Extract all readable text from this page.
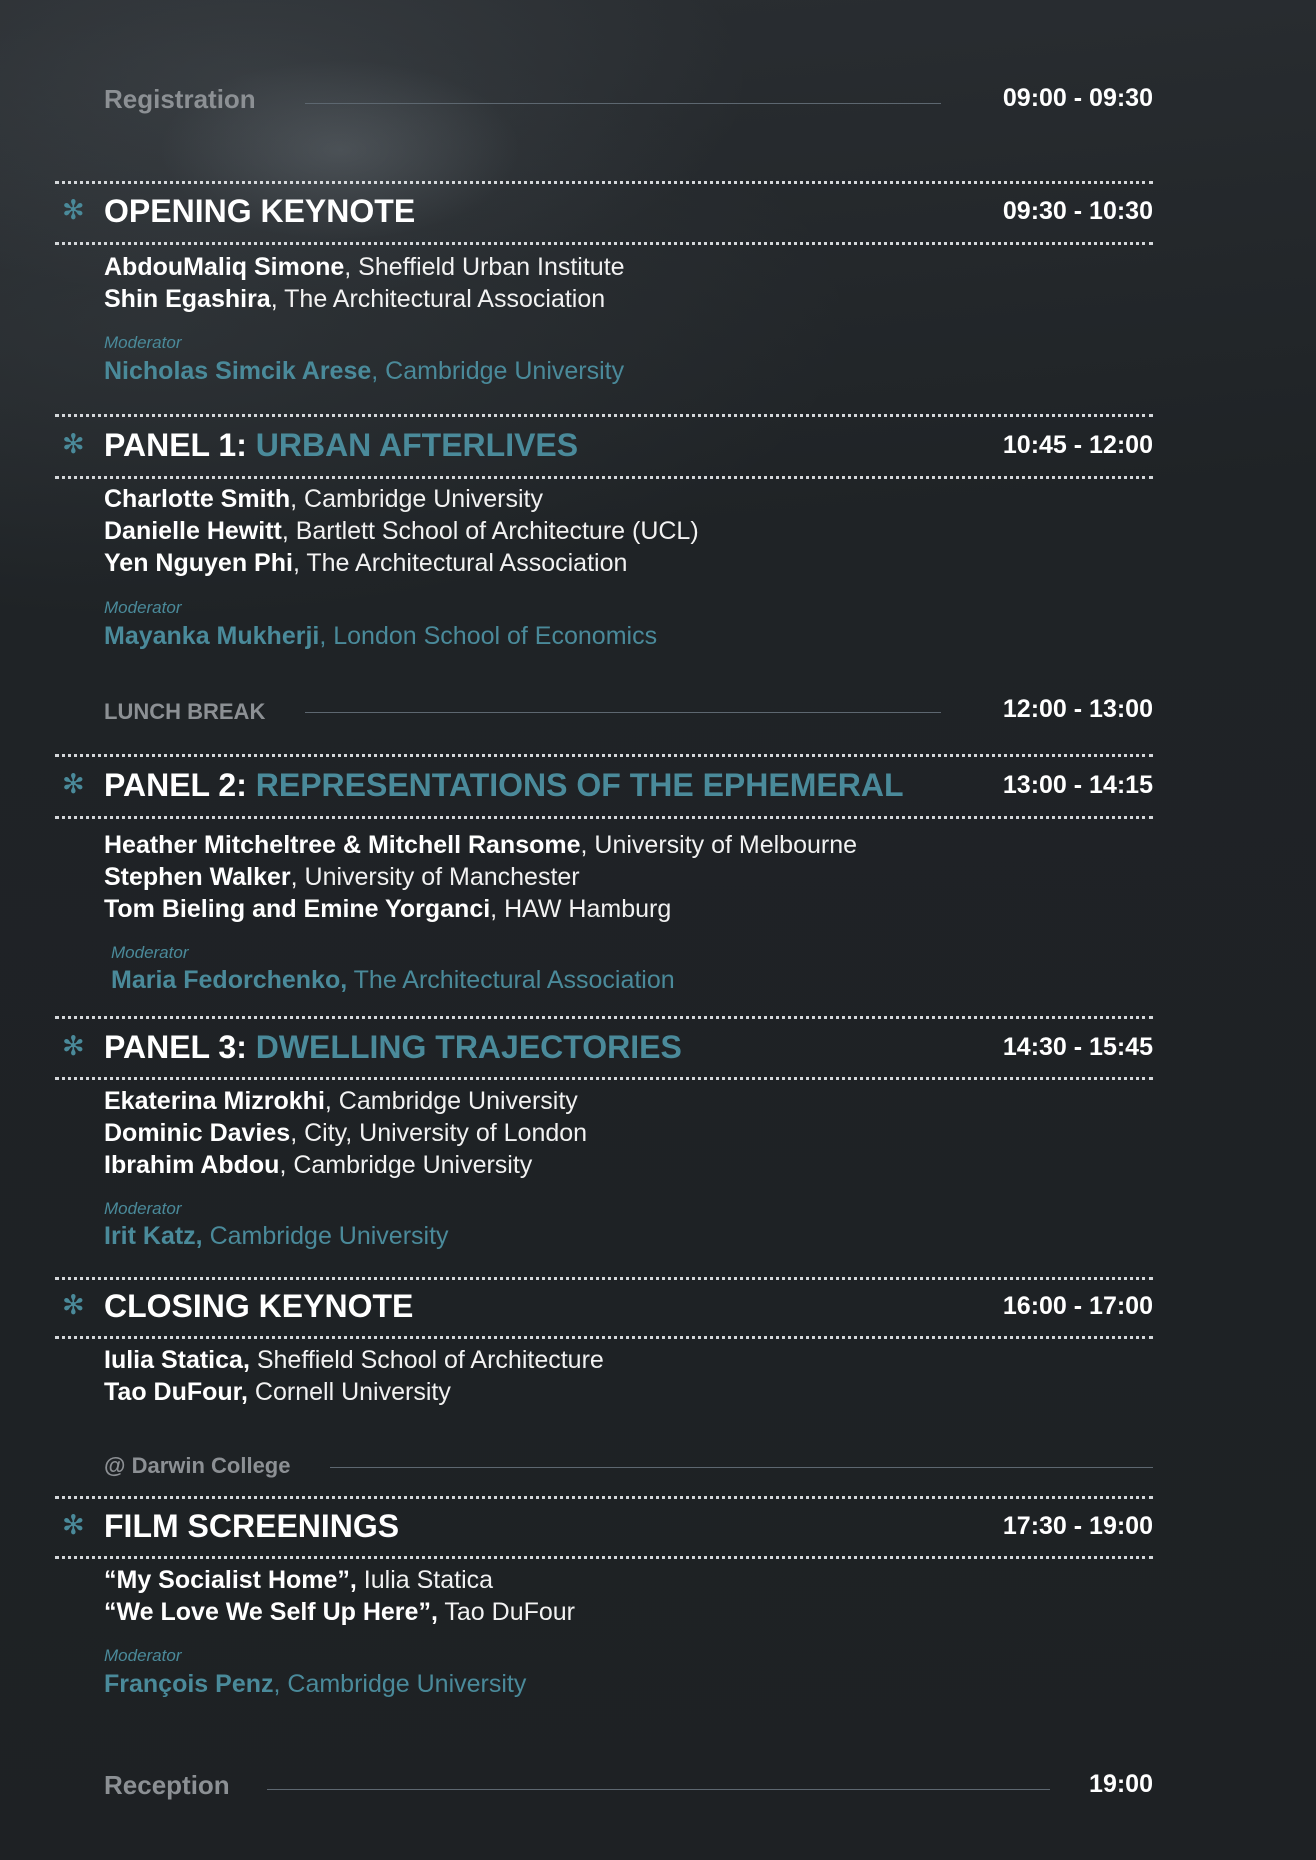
Registration	09:00 - 09:30
✻ OPENING KEYNOTE	09:30 - 10:30
AbdouMaliq Simone, Sheffield Urban Institute
Shin Egashira, The Architectural Association
Moderator
Nicholas Simcik Arese, Cambridge University
✻ PANEL 1: URBAN AFTERLIVES	10:45 - 12:00
Charlotte Smith, Cambridge University
Danielle Hewitt, Bartlett School of Architecture (UCL)
Yen Nguyen Phi, The Architectural Association
Moderator
Mayanka Mukherji, London School of Economics
LUNCH BREAK	12:00 - 13:00
✻ PANEL 2: REPRESENTATIONS OF THE EPHEMERAL	13:00 - 14:15
Heather Mitcheltree & Mitchell Ransome, University of Melbourne
Stephen Walker, University of Manchester
Tom Bieling and Emine Yorganci, HAW Hamburg
Moderator
Maria Fedorchenko, The Architectural Association
✻ PANEL 3: DWELLING TRAJECTORIES	14:30 - 15:45
Ekaterina Mizrokhi, Cambridge University
Dominic Davies, City, University of London
Ibrahim Abdou, Cambridge University
Moderator
Irit Katz, Cambridge University
✻ CLOSING KEYNOTE	16:00 - 17:00
Iulia Statica, Sheffield School of Architecture
Tao DuFour, Cornell University
@ Darwin College
✻ FILM SCREENINGS	17:30 - 19:00
“My Socialist Home”, Iulia Statica
“We Love We Self Up Here”, Tao DuFour
Moderator
François Penz, Cambridge University
Reception	19:00
